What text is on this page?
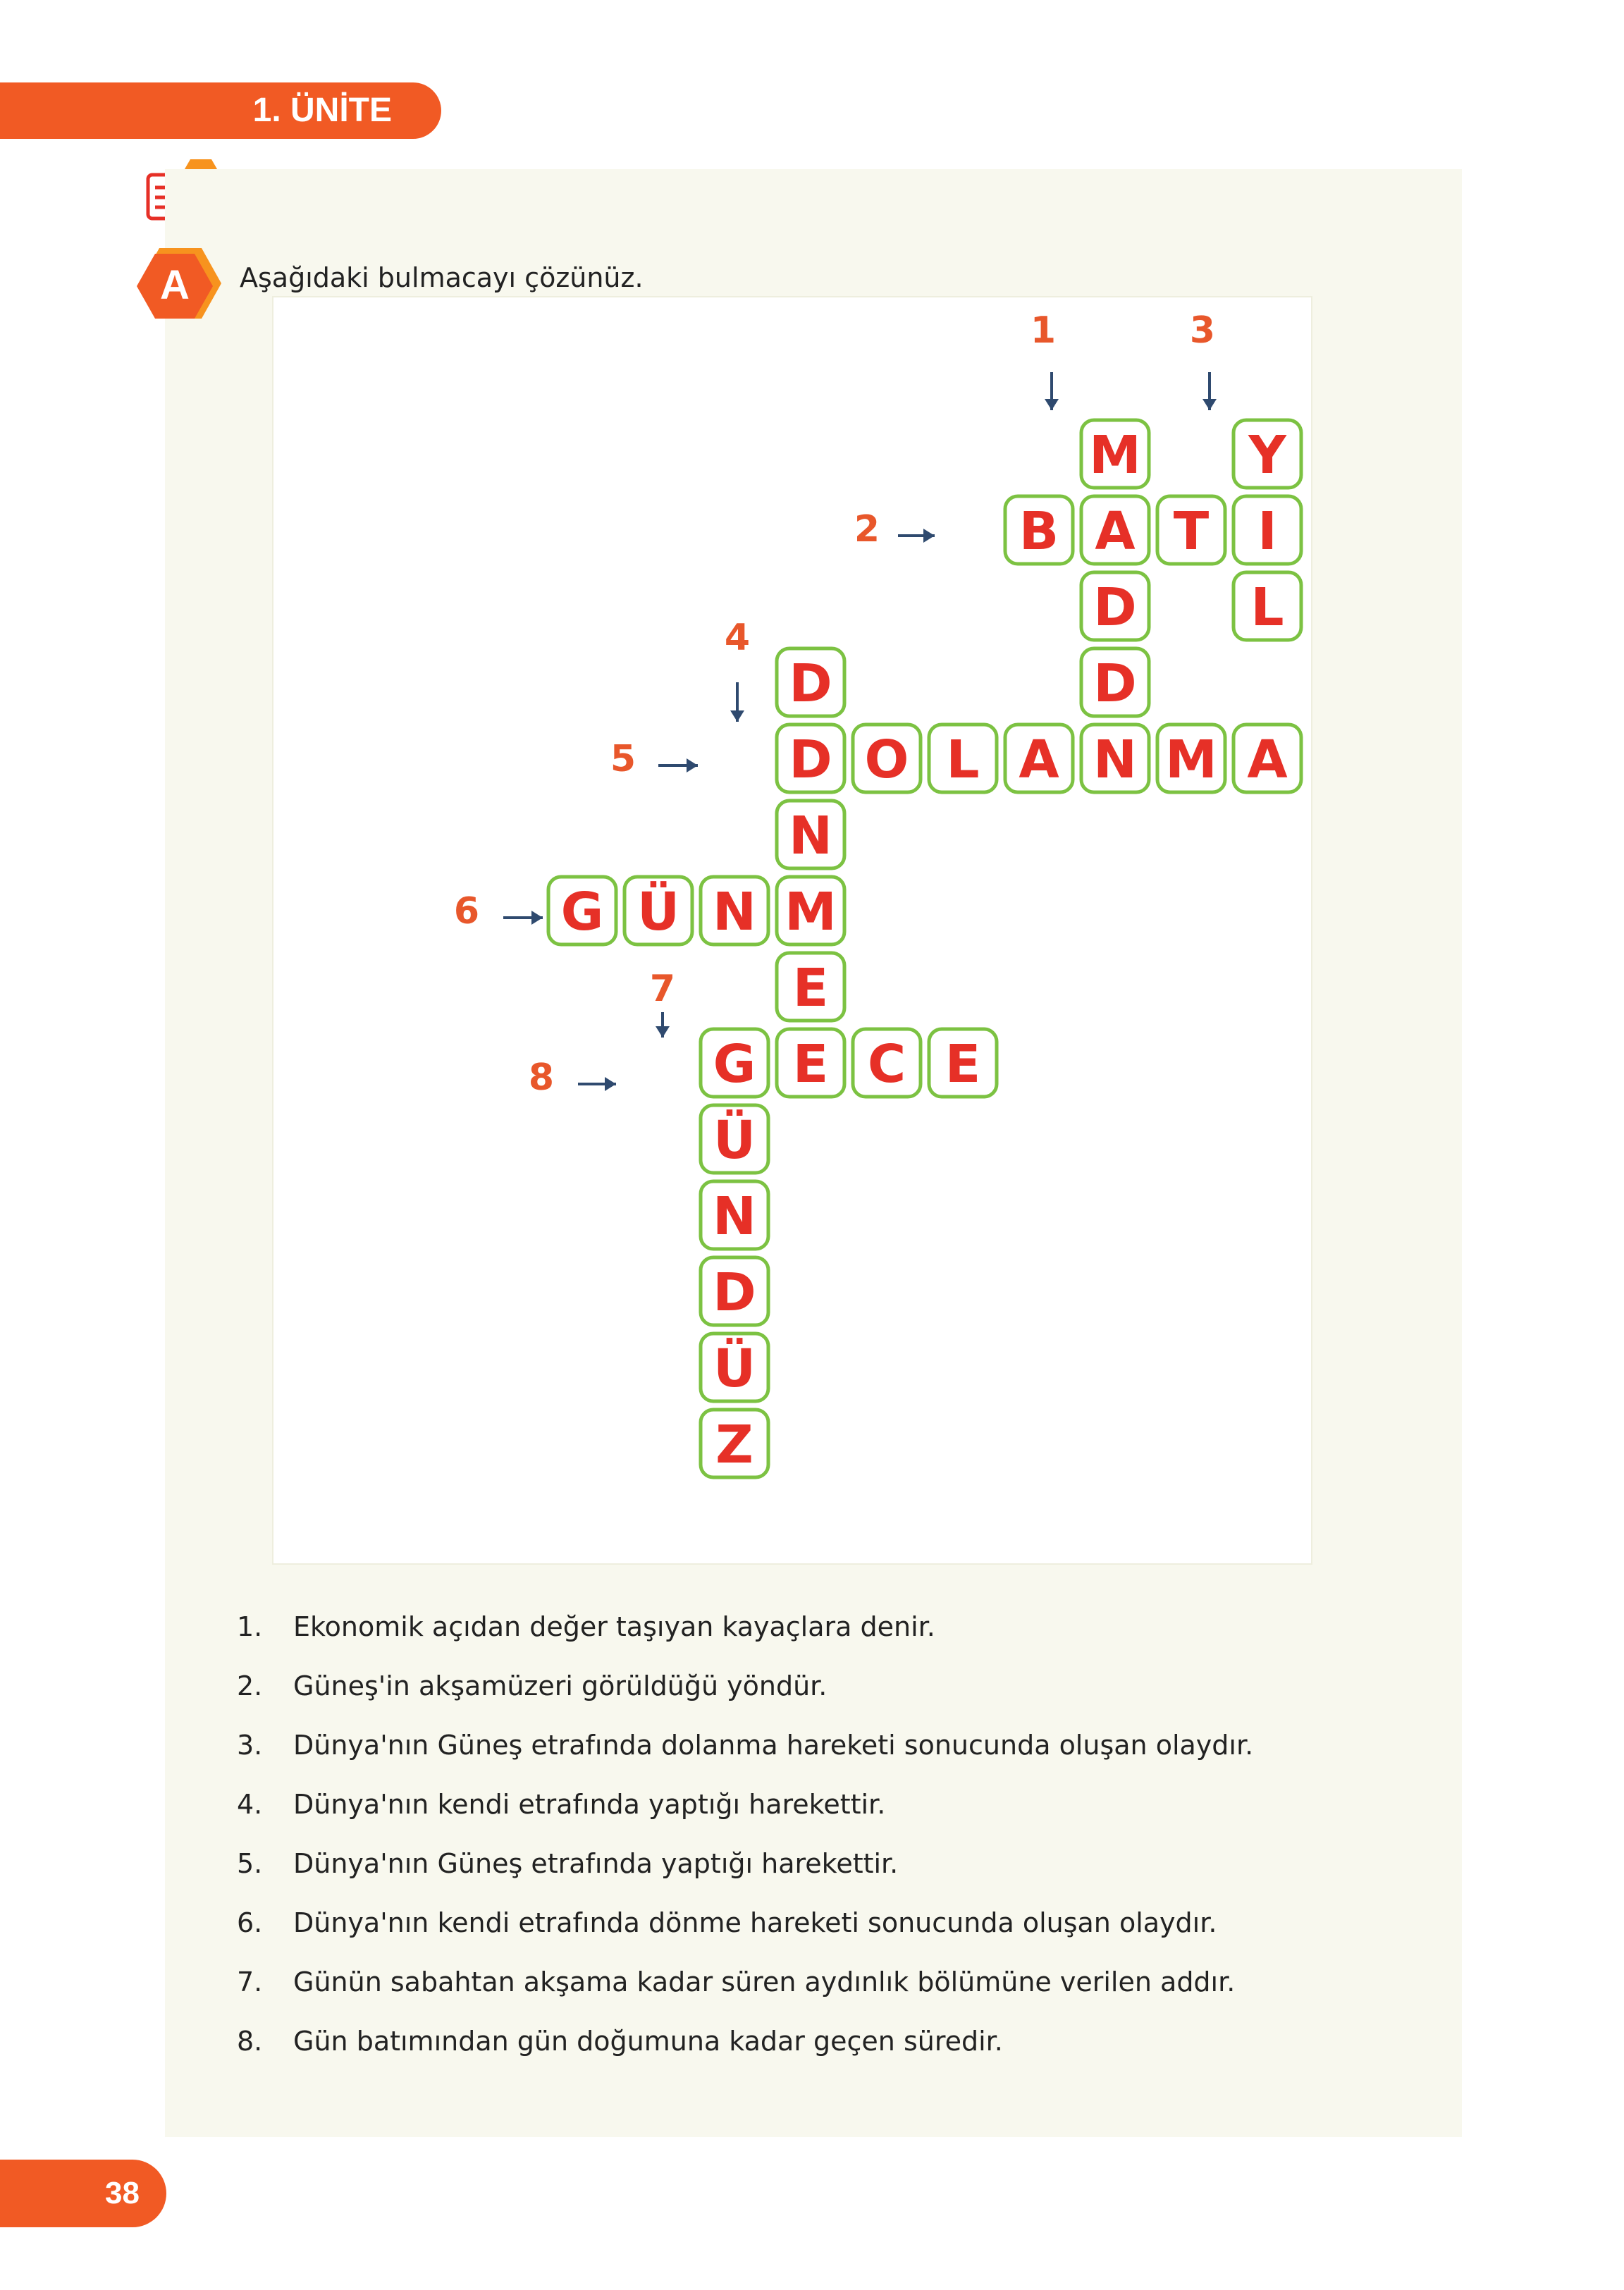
1. ÜNİTE
A Aşağıdaki bulmacayı çözünüz.
M
A
D
D
N
B T I
Y
L
D
D
N
M
E
O L A M A
G Ü N
G
Ü
N
D
Ü
Z
E C E
1
2
3
4
5
6
7
8
1. Ekonomik açıdan değer taşıyan kayaçlara denir.
2. Güneş'in akşamüzeri görüldüğü yöndür.
3. Dünya'nın Güneş etrafında dolanma hareketi sonucunda oluşan olaydır.
4. Dünya'nın kendi etrafında yaptığı harekettir.
5. Dünya'nın Güneş etrafında yaptığı harekettir.
6. Dünya'nın kendi etrafında dönme hareketi sonucunda oluşan olaydır.
7. Günün sabahtan akşama kadar süren aydınlık bölümüne verilen addır.
8. Gün batımından gün doğumuna kadar geçen süredir.
38
